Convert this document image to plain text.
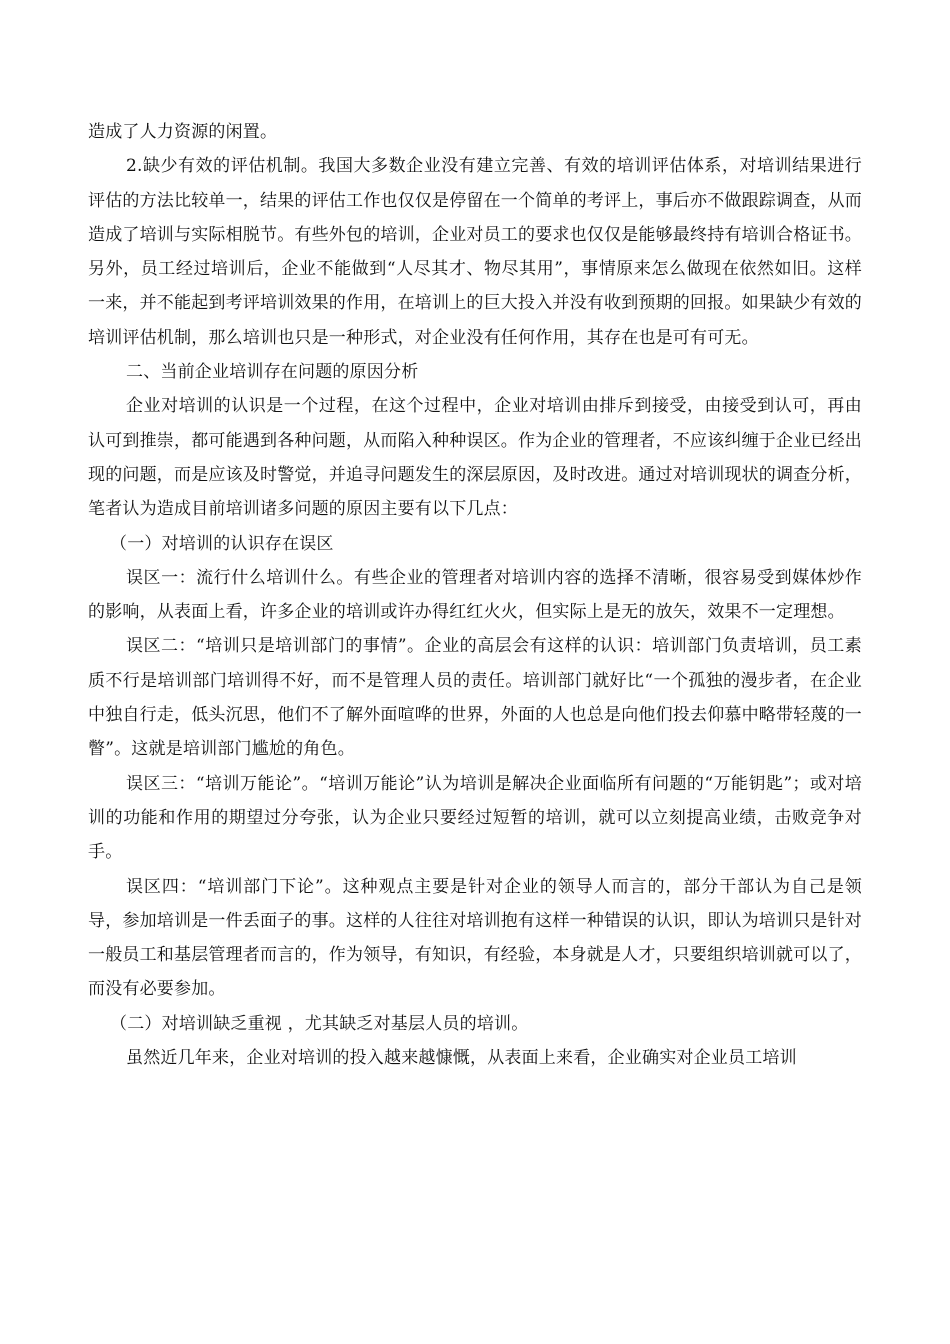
造成了人力资源的闲置。

2.缺少有效的评估机制。我国大多数企业没有建立完善、有效的培训评估体系，对培训结果进行评估的方法比较单一，结果的评估工作也仅仅是停留在一个简单的考评上，事后亦不做跟踪调查，从而造成了培训与实际相脱节。有些外包的培训，企业对员工的要求也仅仅是能够最终持有培训合格证书。另外，员工经过培训后，企业不能做到“人尽其才、物尽其用”，事情原来怎么做现在依然如旧。这样一来，并不能起到考评培训效果的作用，在培训上的巨大投入并没有收到预期的回报。如果缺少有效的培训评估机制，那么培训也只是一种形式，对企业没有任何作用，其存在也是可有可无。

二、当前企业培训存在问题的原因分析

企业对培训的认识是一个过程，在这个过程中，企业对培训由排斥到接受，由接受到认可，再由认可到推崇，都可能遇到各种问题，从而陷入种种误区。作为企业的管理者，不应该纠缠于企业已经出现的问题，而是应该及时警觉，并追寻问题发生的深层原因，及时改进。通过对培训现状的调查分析，笔者认为造成目前培训诸多问题的原因主要有以下几点：

（一）对培训的认识存在误区

误区一：流行什么培训什么。有些企业的管理者对培训内容的选择不清晰，很容易受到媒体炒作的影响，从表面上看，许多企业的培训或许办得红红火火，但实际上是无的放矢，效果不一定理想。

误区二：“培训只是培训部门的事情”。企业的高层会有这样的认识：培训部门负责培训，员工素质不行是培训部门培训得不好，而不是管理人员的责任。培训部门就好比“一个孤独的漫步者，在企业中独自行走，低头沉思，他们不了解外面喧哗的世界，外面的人也总是向他们投去仰慕中略带轻蔑的一瞥”。这就是培训部门尴尬的角色。

误区三：“培训万能论”。“培训万能论”认为培训是解决企业面临所有问题的“万能钥匙”；或对培训的功能和作用的期望过分夸张，认为企业只要经过短暂的培训，就可以立刻提高业绩，击败竞争对手。

误区四：“培训部门下论”。这种观点主要是针对企业的领导人而言的，部分干部认为自己是领导，参加培训是一件丢面子的事。这样的人往往对培训抱有这样一种错误的认识，即认为培训只是针对一般员工和基层管理者而言的，作为领导，有知识，有经验，本身就是人才，只要组织培训就可以了，而没有必要参加。

（二）对培训缺乏重视 ，尤其缺乏对基层人员的培训。

虽然近几年来，企业对培训的投入越来越慷慨，从表面上来看，企业确实对企业员工培训
